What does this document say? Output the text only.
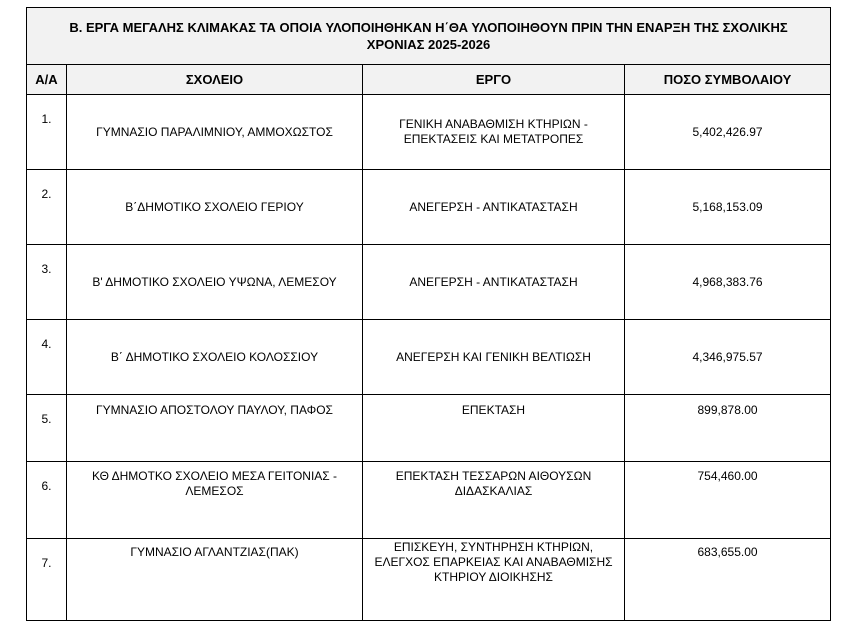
Β. ΕΡΓΑ ΜΕΓΑΛΗΣ ΚΛΙΜΑΚΑΣ ΤΑ ΟΠΟΙΑ ΥΛΟΠΟΙΗΘΗΚΑΝ Η΄ΘΑ ΥΛΟΠΟΙΗΘΟΥΝ ΠΡΙΝ ΤΗΝ ΕΝΑΡΞΗ ΤΗΣ ΣΧΟΛΙΚΗΣ ΧΡΟΝΙΑΣ 2025-2026			
Α/Α	ΣΧΟΛΕΙΟ	ΕΡΓΟ	ΠΟΣΟ ΣΥΜΒΟΛΑΙΟΥ
1.	ΓΥΜΝΑΣΙΟ ΠΑΡΑΛΙΜΝΙΟΥ, ΑΜΜΟΧΩΣΤΟΣ	ΓΕΝΙΚΗ ΑΝΑΒΑΘΜΙΣΗ ΚΤΗΡΙΩΝ - ΕΠΕΚΤΑΣΕΙΣ ΚΑΙ ΜΕΤΑΤΡΟΠΕΣ	5,402,426.97
2.	Β΄ΔΗΜΟΤΙΚΟ ΣΧΟΛΕΙΟ ΓΕΡΙΟΥ	ΑΝΕΓΕΡΣΗ - ΑΝΤΙΚΑΤΑΣΤΑΣΗ	5,168,153.09
3.	Β' ΔΗΜΟΤΙΚΟ ΣΧΟΛΕΙΟ ΥΨΩΝΑ, ΛΕΜΕΣΟΥ	ΑΝΕΓΕΡΣΗ - ΑΝΤΙΚΑΤΑΣΤΑΣΗ	4,968,383.76
4.	Β΄ ΔΗΜΟΤΙΚΟ ΣΧΟΛΕΙΟ ΚΟΛΟΣΣΙΟΥ	ΑΝΕΓΕΡΣΗ ΚΑΙ ΓΕΝΙΚΗ ΒΕΛΤΙΩΣΗ	4,346,975.57
5.	ΓΥΜΝΑΣΙΟ ΑΠΟΣΤΟΛΟΥ ΠΑΥΛΟΥ, ΠΑΦΟΣ	ΕΠΕΚΤΑΣΗ	899,878.00
6.	ΚΘ ΔΗΜΟΤΚΟ ΣΧΟΛΕΙΟ ΜΕΣΑ ΓΕΙΤΟΝΙΑΣ - ΛΕΜΕΣΟΣ	ΕΠΕΚΤΑΣΗ ΤΕΣΣΑΡΩΝ ΑΙΘΟΥΣΩΝ ΔΙΔΑΣΚΑΛΙΑΣ	754,460.00
7.	ΓΥΜΝΑΣΙΟ ΑΓΛΑΝΤΖΙΑΣ(ΠΑΚ)	ΕΠΙΣΚΕΥΗ, ΣΥΝΤΗΡΗΣΗ ΚΤΗΡΙΩΝ, ΕΛΕΓΧΟΣ ΕΠΑΡΚΕΙΑΣ ΚΑΙ ΑΝΑΒΑΘΜΙΣΗΣ ΚΤΗΡΙΟΥ ΔΙΟΙΚΗΣΗΣ	683,655.00
